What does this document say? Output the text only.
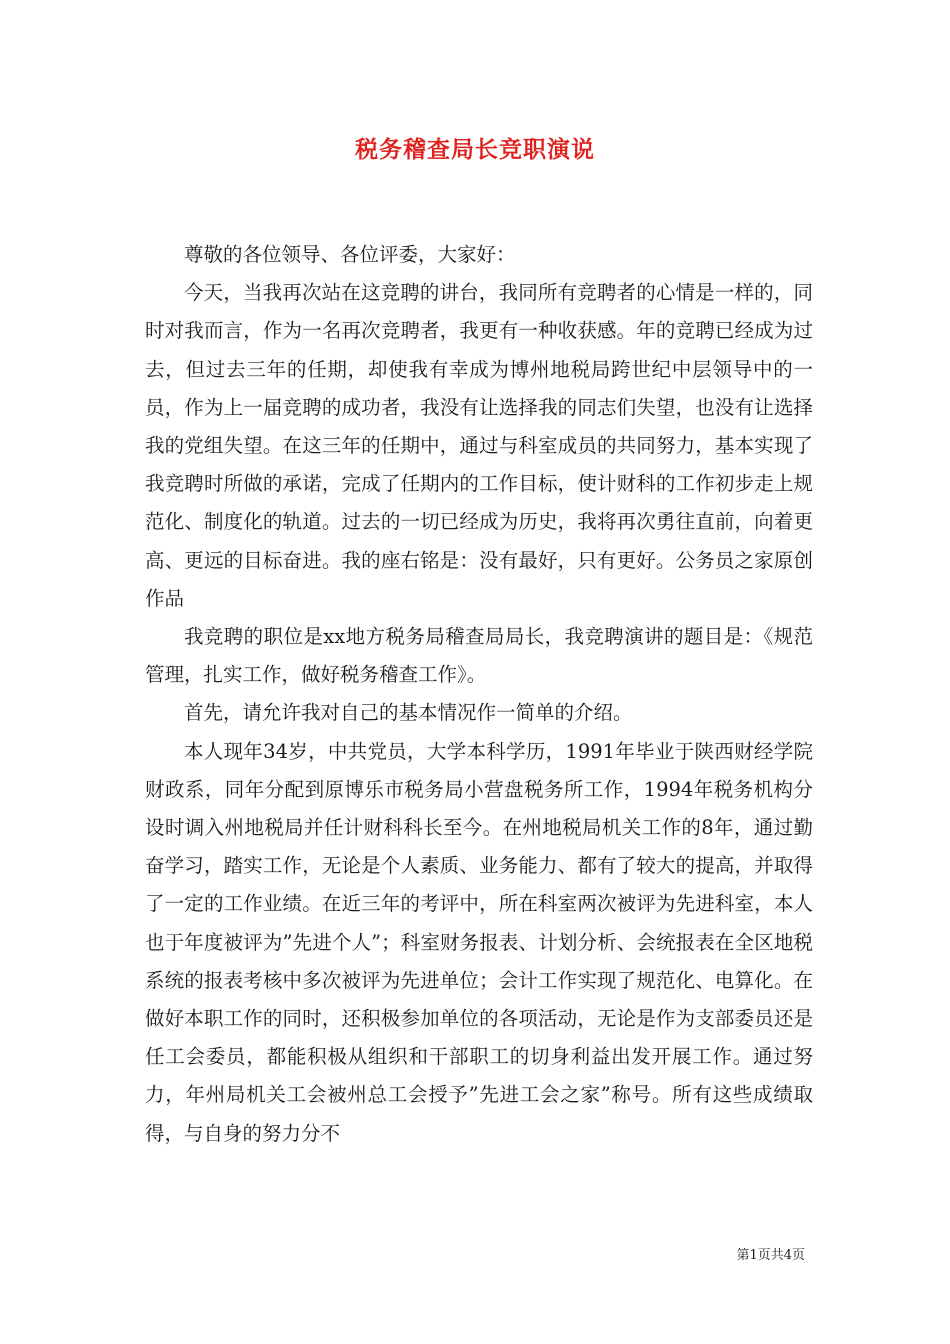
税务稽查局长竞职演说

尊敬的各位领导、各位评委，大家好：

今天，当我再次站在这竞聘的讲台，我同所有竞聘者的心情是一样的，同时对我而言，作为一名再次竞聘者，我更有一种收获感。年的竞聘已经成为过去，但过去三年的任期，却使我有幸成为博州地税局跨世纪中层领导中的一员，作为上一届竞聘的成功者，我没有让选择我的同志们失望，也没有让选择我的党组失望。在这三年的任期中，通过与科室成员的共同努力，基本实现了我竞聘时所做的承诺，完成了任期内的工作目标，使计财科的工作初步走上规范化、制度化的轨道。过去的一切已经成为历史，我将再次勇往直前，向着更高、更远的目标奋进。我的座右铭是：没有最好，只有更好。公务员之家原创作品

我竞聘的职位是xx地方税务局稽查局局长，我竞聘演讲的题目是：《规范管理，扎实工作，做好税务稽查工作》。

首先，请允许我对自己的基本情况作一简单的介绍。

本人现年34岁，中共党员，大学本科学历，1991年毕业于陕西财经学院财政系，同年分配到原博乐市税务局小营盘税务所工作，1994年税务机构分设时调入州地税局并任计财科科长至今。在州地税局机关工作的8年，通过勤奋学习，踏实工作，无论是个人素质、业务能力、都有了较大的提高，并取得了一定的工作业绩。在近三年的考评中，所在科室两次被评为先进科室，本人也于年度被评为”先进个人”；科室财务报表、计划分析、会统报表在全区地税系统的报表考核中多次被评为先进单位；会计工作实现了规范化、电算化。在做好本职工作的同时，还积极参加单位的各项活动，无论是作为支部委员还是任工会委员，都能积极从组织和干部职工的切身利益出发开展工作。通过努力，年州局机关工会被州总工会授予”先进工会之家”称号。所有这些成绩取得，与自身的努力分不

第1页共4页
